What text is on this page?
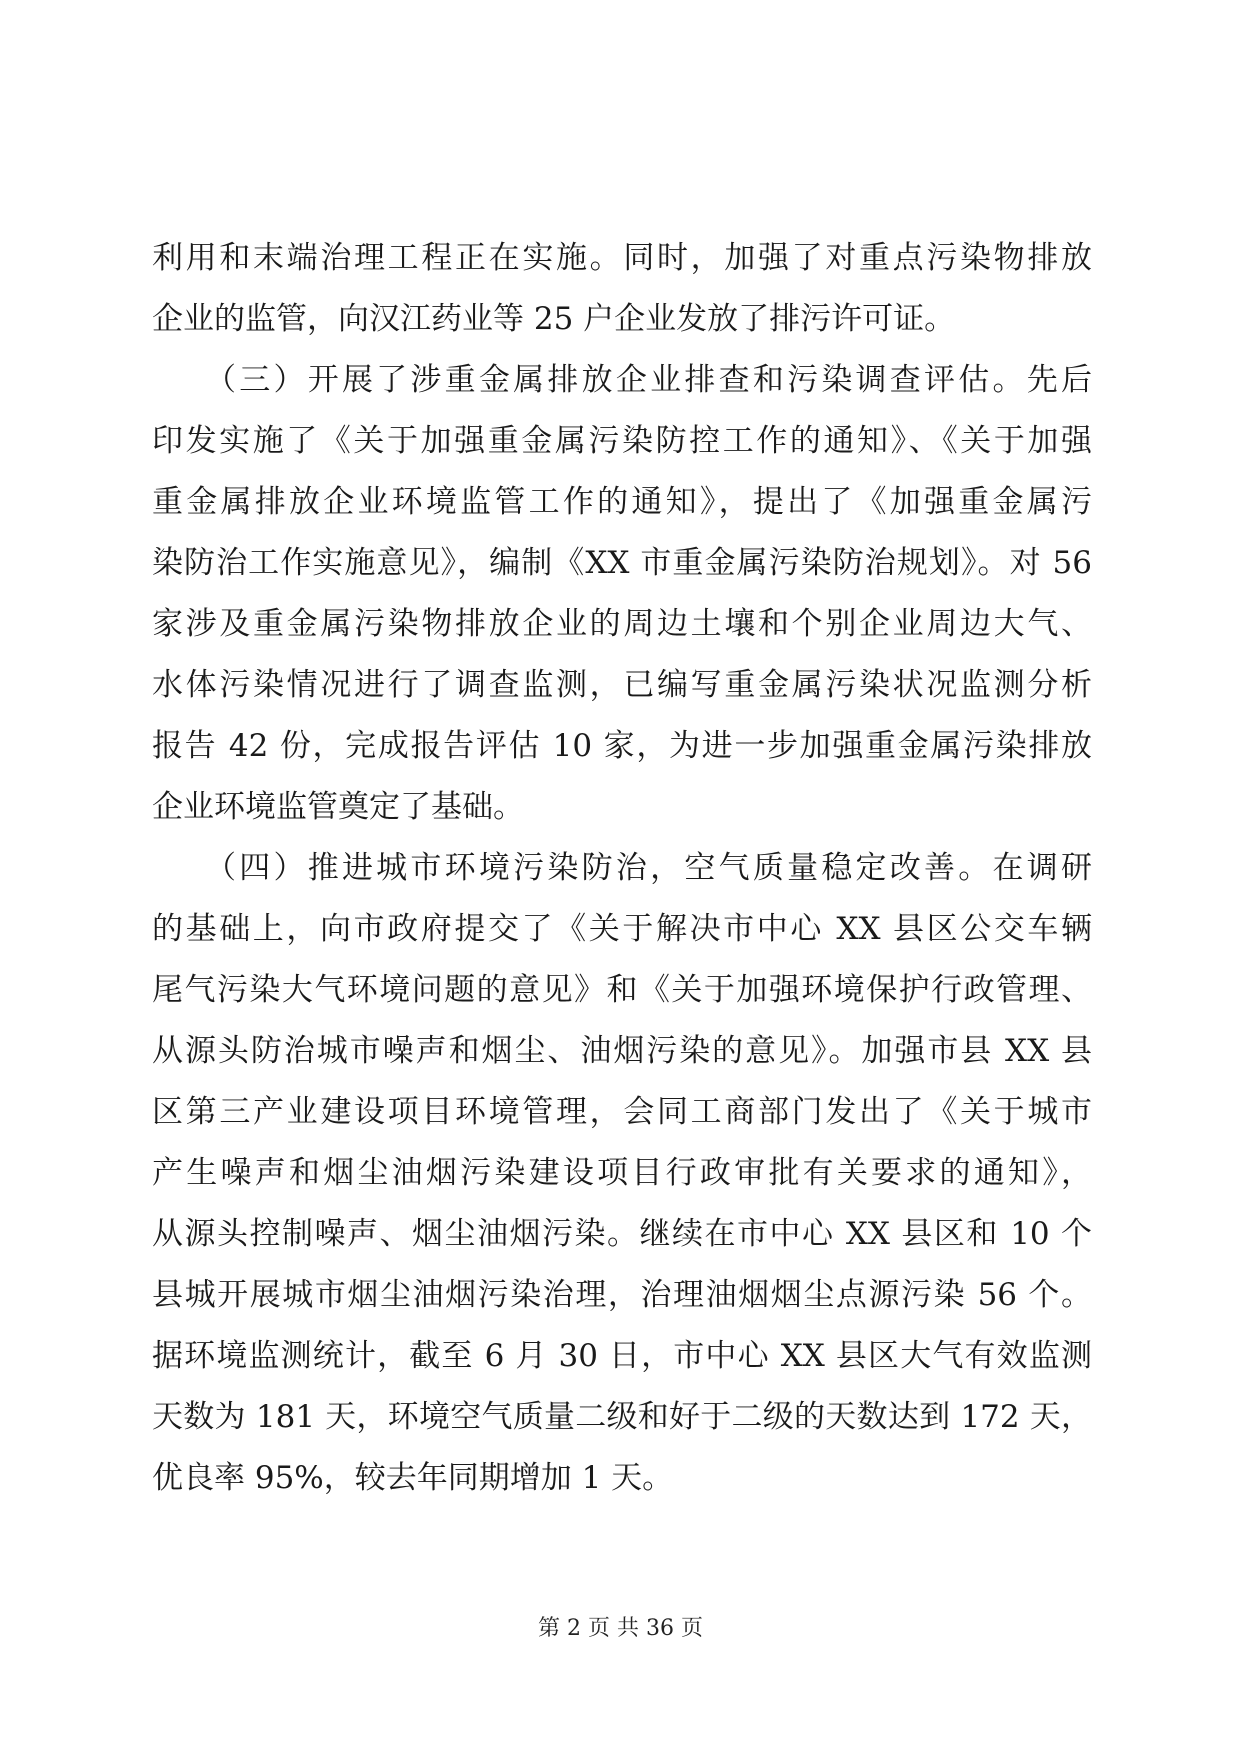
利用和末端治理工程正在实施。同时，加强了对重点污染物排放
企业的监管，向汉江药业等 25 户企业发放了排污许可证。
　　（三）开展了涉重金属排放企业排查和污染调查评估。先后
印发实施了《关于加强重金属污染防控工作的通知》、《关于加强
重金属排放企业环境监管工作的通知》，提出了《加强重金属污
染防治工作实施意见》，编制《XX 市重金属污染防治规划》。对 56
家涉及重金属污染物排放企业的周边土壤和个别企业周边大气、
水体污染情况进行了调查监测，已编写重金属污染状况监测分析
报告 42 份，完成报告评估 10 家，为进一步加强重金属污染排放
企业环境监管奠定了基础。
　　（四）推进城市环境污染防治，空气质量稳定改善。在调研
的基础上，向市政府提交了《关于解决市中心 XX 县区公交车辆
尾气污染大气环境问题的意见》和《关于加强环境保护行政管理、
从源头防治城市噪声和烟尘、油烟污染的意见》。加强市县 XX 县
区第三产业建设项目环境管理，会同工商部门发出了《关于城市
产生噪声和烟尘油烟污染建设项目行政审批有关要求的通知》，
从源头控制噪声、烟尘油烟污染。继续在市中心 XX 县区和 10 个
县城开展城市烟尘油烟污染治理，治理油烟烟尘点源污染 56 个。
据环境监测统计，截至 6 月 30 日，市中心 XX 县区大气有效监测
天数为 181 天，环境空气质量二级和好于二级的天数达到 172 天，
优良率 95%，较去年同期增加 1 天。
第 2 页 共 36 页
